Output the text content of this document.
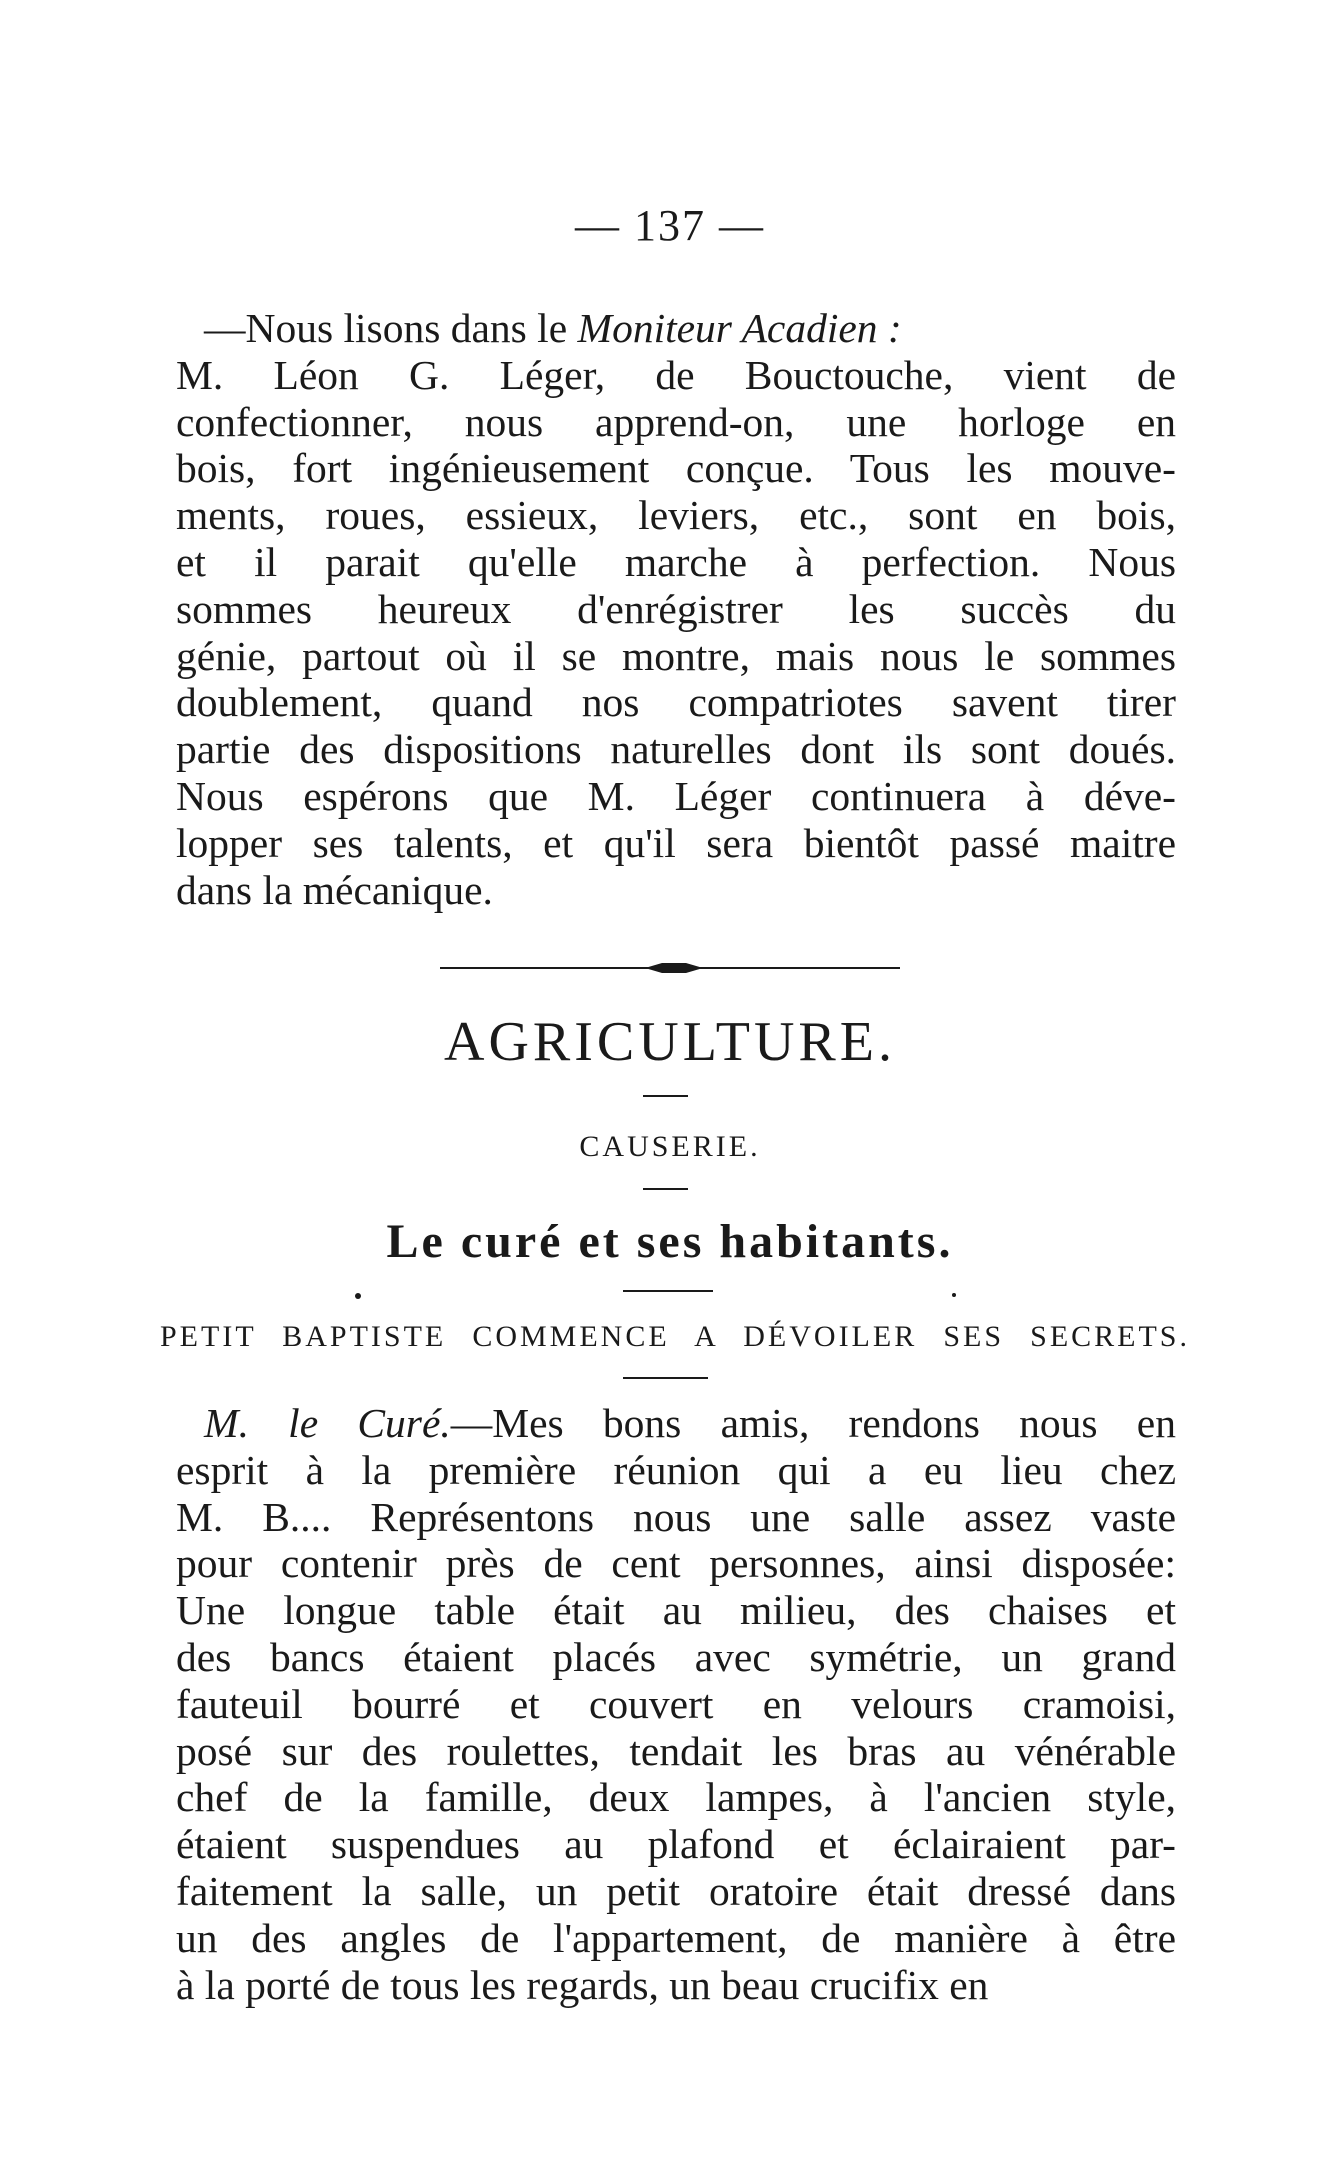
— 137 —
—Nous lisons dans le Moniteur Acadien :
M. Léon G. Léger, de Bouctouche, vient de
confectionner, nous apprend-on, une horloge en
bois, fort ingénieusement conçue. Tous les mouve-
ments, roues, essieux, leviers, etc., sont en bois,
et il parait qu'elle marche à perfection. Nous
sommes heureux d'enrégistrer les succès du
génie, partout où il se montre, mais nous le sommes
doublement, quand nos compatriotes savent tirer
partie des dispositions naturelles dont ils sont doués.
Nous espérons que M. Léger continuera à déve-
lopper ses talents, et qu'il sera bientôt passé maitre
dans la mécanique.
AGRICULTURE.
CAUSERIE.
Le curé et ses habitants.
PETIT BAPTISTE COMMENCE A DÉVOILER SES SECRETS.
M. le Curé.—Mes bons amis, rendons nous en
esprit à la première réunion qui a eu lieu chez
M. B.... Représentons nous une salle assez vaste
pour contenir près de cent personnes, ainsi disposée:
Une longue table était au milieu, des chaises et
des bancs étaient placés avec symétrie, un grand
fauteuil bourré et couvert en velours cramoisi,
posé sur des roulettes, tendait les bras au vénérable
chef de la famille, deux lampes, à l'ancien style,
étaient suspendues au plafond et éclairaient par-
faitement la salle, un petit oratoire était dressé dans
un des angles de l'appartement, de manière à être
à la porté de tous les regards, un beau crucifix en
